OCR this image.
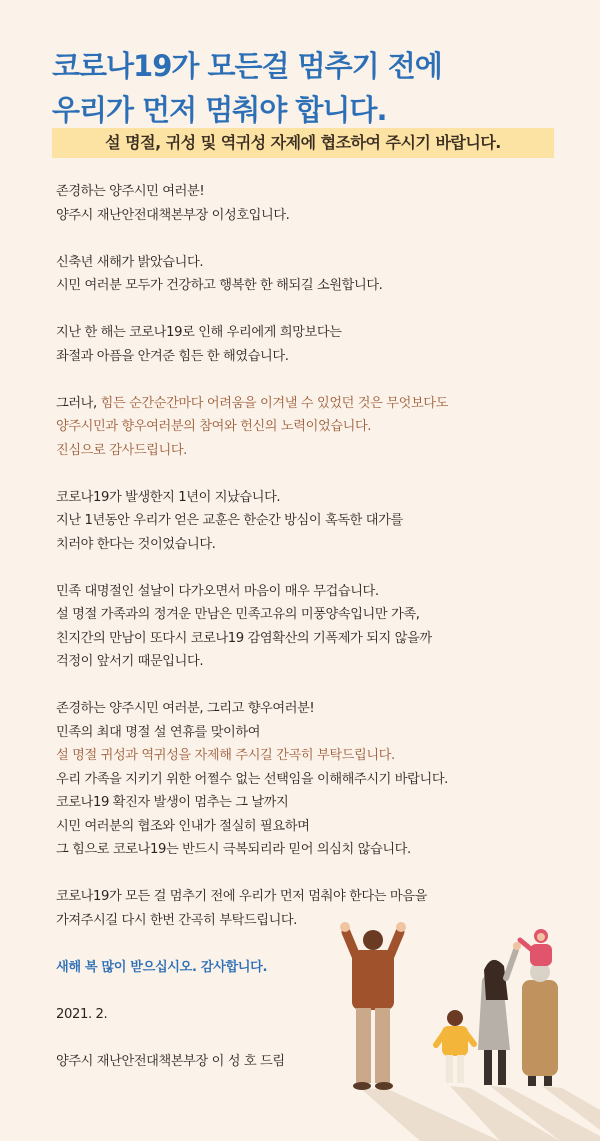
코로나19가 모든걸 멈추기 전에
우리가 먼저 멈춰야 합니다.
설 명절, 귀성 및 역귀성 자제에 협조하여 주시기 바랍니다.
존경하는 양주시민 여러분!
양주시 재난안전대책본부장 이성호입니다.
신축년 새해가 밝았습니다.
시민 여러분 모두가 건강하고 행복한 한 해되길 소원합니다.
지난 한 해는 코로나19로 인해 우리에게 희망보다는
좌절과 아픔을 안겨준 힘든 한 해였습니다.
그러나, 힘든 순간순간마다 어려움을 이겨낼 수 있었던 것은 무엇보다도
양주시민과 향우여러분의 참여와 헌신의 노력이었습니다.
진심으로 감사드립니다.
코로나19가 발생한지 1년이 지났습니다.
지난 1년동안 우리가 얻은 교훈은 한순간 방심이 혹독한 대가를
치러야 한다는 것이었습니다.
민족 대명절인 설날이 다가오면서 마음이 매우 무겁습니다.
설 명절 가족과의 정겨운 만남은 민족고유의 미풍양속입니만 가족,
친지간의 만남이 또다시 코로나19 감염확산의 기폭제가 되지 않을까
걱정이 앞서기 때문입니다.
존경하는 양주시민 여러분, 그리고 향우여러분!
민족의 최대 명절 설 연휴를 맞이하여
설 명절 귀성과 역귀성을 자제해 주시길 간곡히 부탁드립니다.
우리 가족을 지키기 위한 어쩔수 없는 선택임을 이해해주시기 바랍니다.
코로나19 확진자 발생이 멈추는 그 날까지
시민 여러분의 협조와 인내가 절실히 필요하며
그 힘으로 코로나19는 반드시 극복되리라 믿어 의심치 않습니다.
코로나19가 모든 걸 멈추기 전에 우리가 먼저 멈춰야 한다는 마음을
가져주시길 다시 한번 간곡히 부탁드립니다.
새해 복 많이 받으십시오. 감사합니다.
2021. 2.
양주시 재난안전대책본부장 이 성 호 드림
